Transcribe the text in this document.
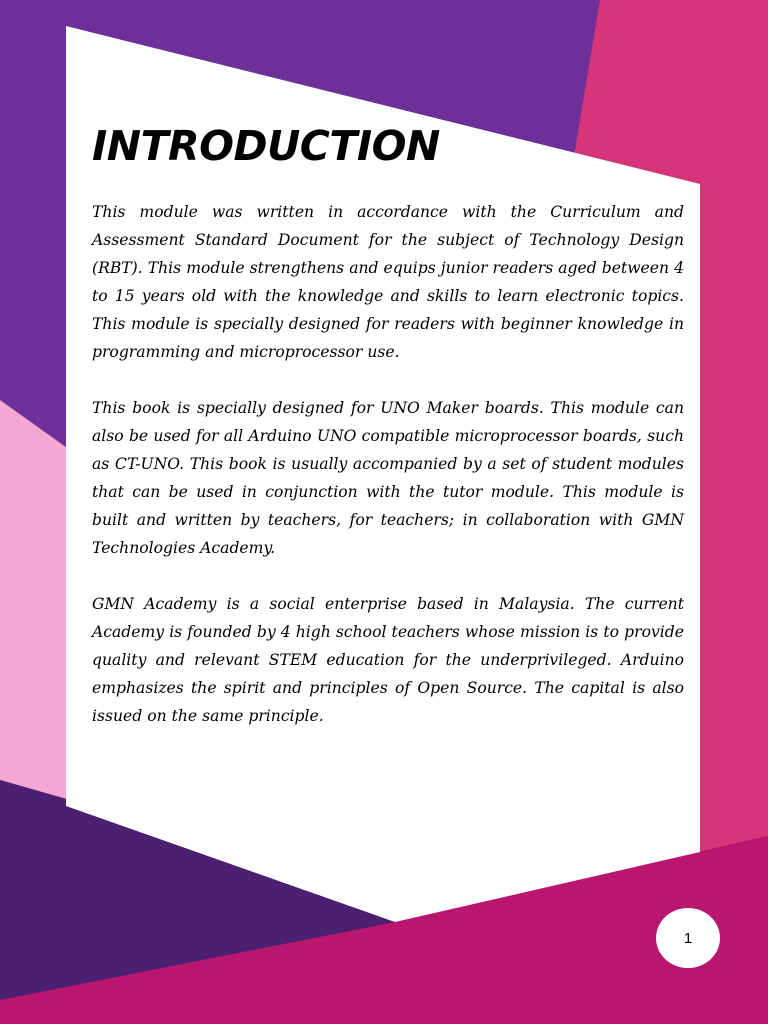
INTRODUCTION

This module was written in accordance with the Curriculum and Assessment Standard Document for the subject of Technology Design (RBT). This module strengthens and equips junior readers aged between 4 to 15 years old with the knowledge and skills to learn electronic topics. This module is specially designed for readers with beginner knowledge in programming and microprocessor use.

This book is specially designed for UNO Maker boards. This module can also be used for all Arduino UNO compatible microprocessor boards, such as CT-UNO. This book is usually accompanied by a set of student modules that can be used in conjunction with the tutor module. This module is built and written by teachers, for teachers; in collaboration with GMN Technologies Academy.

GMN Academy is a social enterprise based in Malaysia. The current Academy is founded by 4 high school teachers whose mission is to provide quality and relevant STEM education for the underprivileged. Arduino emphasizes the spirit and principles of Open Source. The capital is also issued on the same principle.

1
